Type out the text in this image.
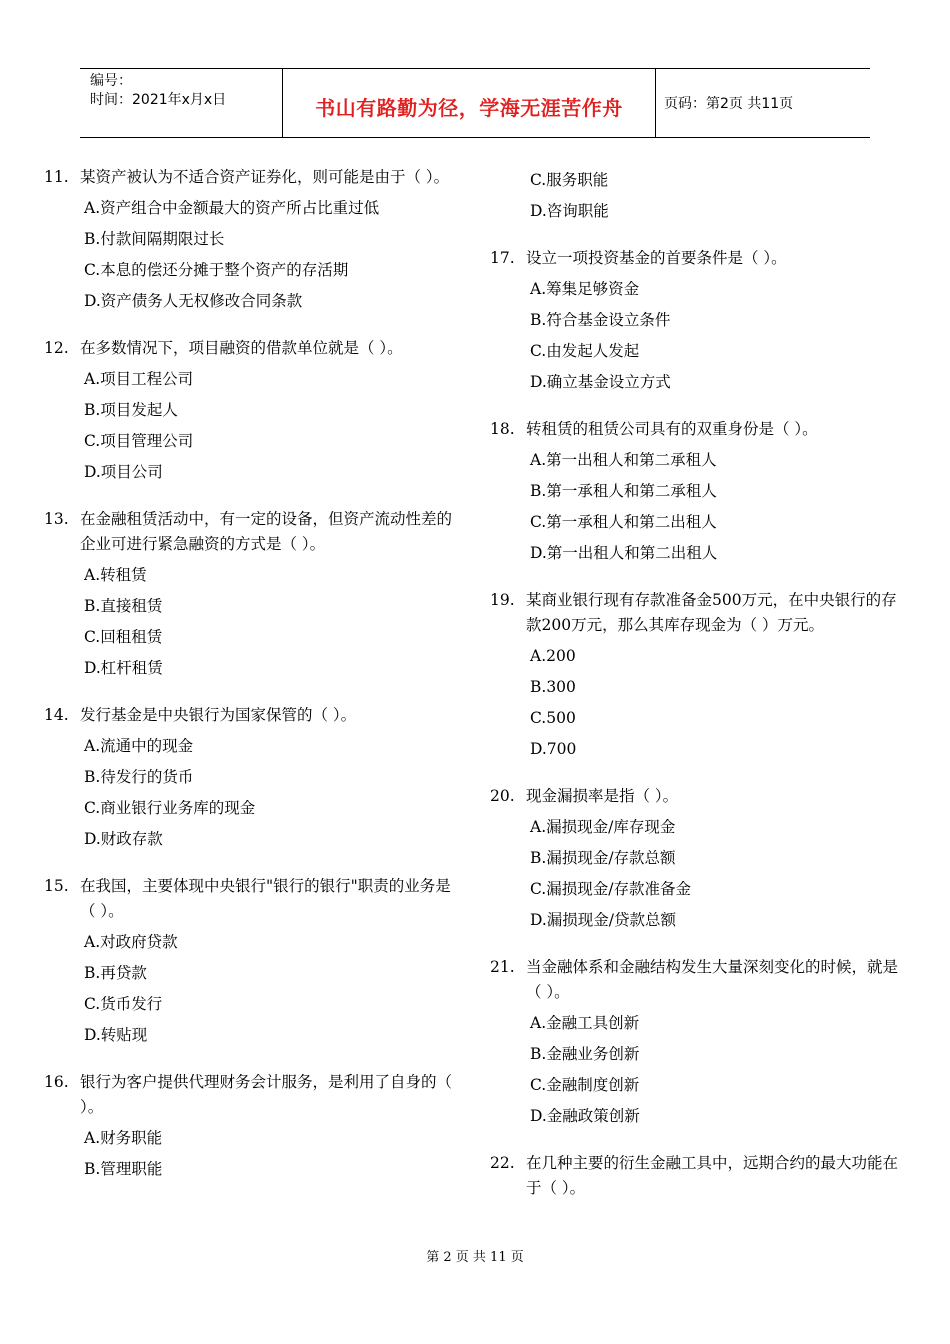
编号：
时间：2021年x月x日	书山有路勤为径，学海无涯苦作舟	页码：第2页 共11页
11. 某资产被认为不适合资产证券化，则可能是由于（ ）。
A.资产组合中金额最大的资产所占比重过低
B.付款间隔期限过长
C.本息的偿还分摊于整个资产的存活期
D.资产债务人无权修改合同条款
12. 在多数情况下，项目融资的借款单位就是（ ）。
A.项目工程公司
B.项目发起人
C.项目管理公司
D.项目公司
13. 在金融租赁活动中，有一定的设备，但资产流动性差的企业可进行紧急融资的方式是（ ）。
A.转租赁
B.直接租赁
C.回租租赁
D.杠杆租赁
14. 发行基金是中央银行为国家保管的（ ）。
A.流通中的现金
B.待发行的货币
C.商业银行业务库的现金
D.财政存款
15. 在我国，主要体现中央银行"银行的银行"职责的业务是（ ）。
A.对政府贷款
B.再贷款
C.货币发行
D.转贴现
16. 银行为客户提供代理财务会计服务，是利用了自身的（ ）。
A.财务职能
B.管理职能
C.服务职能
D.咨询职能
17. 设立一项投资基金的首要条件是（ ）。
A.筹集足够资金
B.符合基金设立条件
C.由发起人发起
D.确立基金设立方式
18. 转租赁的租赁公司具有的双重身份是（ ）。
A.第一出租人和第二承租人
B.第一承租人和第二承租人
C.第一承租人和第二出租人
D.第一出租人和第二出租人
19. 某商业银行现有存款准备金500万元，在中央银行的存款200万元，那么其库存现金为（ ）万元。
A.200
B.300
C.500
D.700
20. 现金漏损率是指（ ）。
A.漏损现金/库存现金
B.漏损现金/存款总额
C.漏损现金/存款准备金
D.漏损现金/贷款总额
21. 当金融体系和金融结构发生大量深刻变化的时候，就是（ ）。
A.金融工具创新
B.金融业务创新
C.金融制度创新
D.金融政策创新
22. 在几种主要的衍生金融工具中，远期合约的最大功能在于（ ）。
第 2 页 共 11 页
